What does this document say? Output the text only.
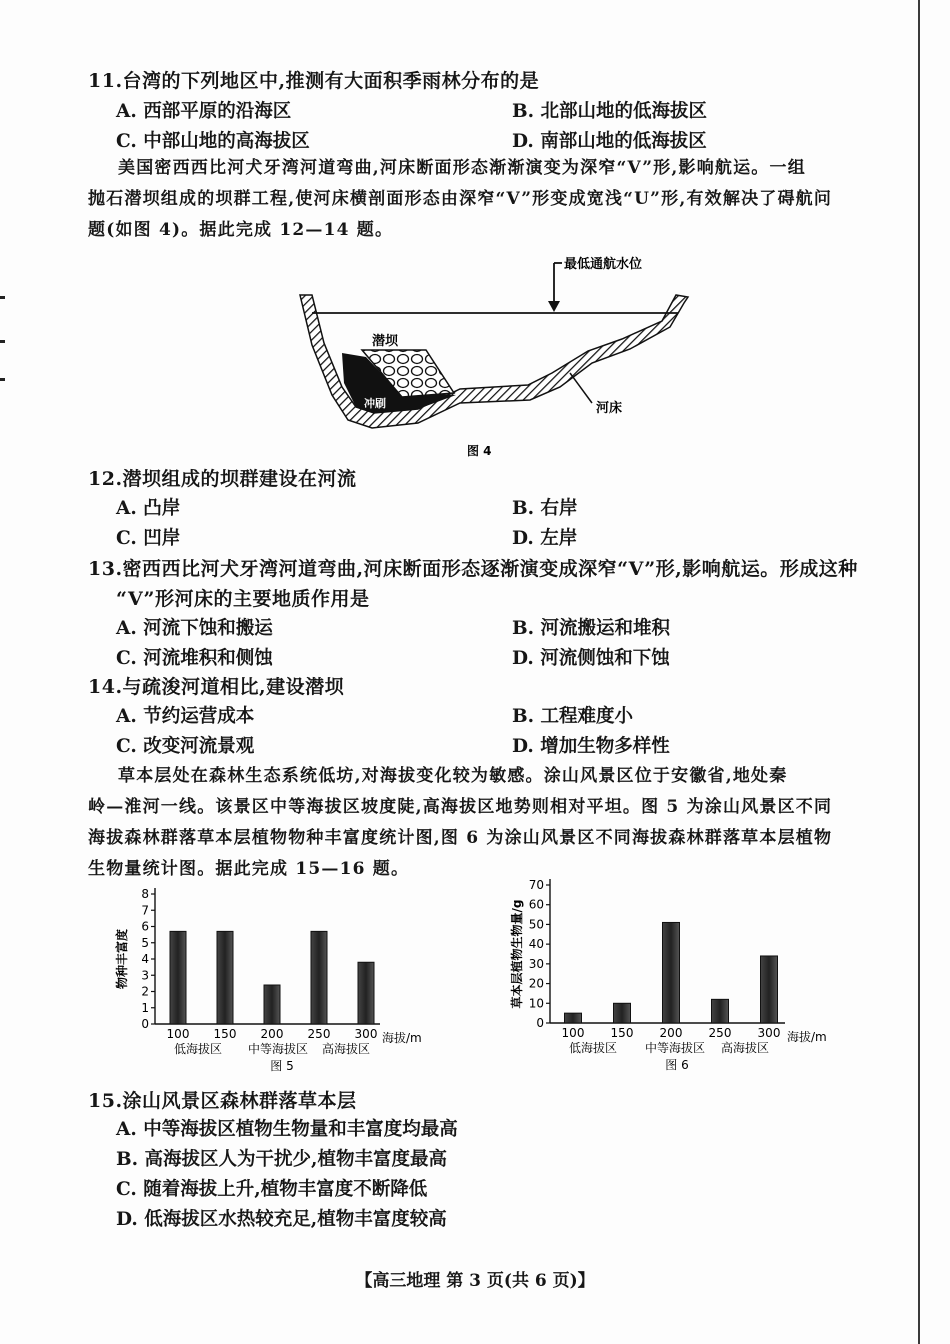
11.台湾的下列地区中,推测有大面积季雨林分布的是
A. 西部平原的沿海区	B. 北部山地的低海拔区
C. 中部山地的高海拔区	D. 南部山地的低海拔区
美国密西西比河犬牙湾河道弯曲,河床断面形态渐渐演变为深窄“V”形,影响航运。一组
抛石潜坝组成的坝群工程,使河床横剖面形态由深窄“V”形变成宽浅“U”形,有效解决了碍航问
题(如图 4)。据此完成 12—14 题。
最低通航水位
潜坝
冲刷	河床
图 4
12.潜坝组成的坝群建设在河流
A. 凸岸	B. 右岸
C. 凹岸	D. 左岸
13.密西西比河犬牙湾河道弯曲,河床断面形态逐渐演变成深窄“V”形,影响航运。形成这种
“V”形河床的主要地质作用是
A. 河流下蚀和搬运	B. 河流搬运和堆积
C. 河流堆积和侧蚀	D. 河流侧蚀和下蚀
14.与疏浚河道相比,建设潜坝
A. 节约运营成本	B. 工程难度小
C. 改变河流景观	D. 增加生物多样性
草本层处在森林生态系统低坊,对海拔变化较为敏感。涂山风景区位于安徽省,地处秦
岭—淮河一线。该景区中等海拔区坡度陡,高海拔区地势则相对平坦。图 5 为涂山风景区不同
海拔森林群落草本层植物物种丰富度统计图,图 6 为涂山风景区不同海拔森林群落草本层植物
生物量统计图。据此完成 15—16 题。
0
1
2
3
4
5
6
7
8
100 150 200 250 300 海拔/m
低海拔区 中等海拔区 高海拔区
物种丰富度
图 5
0
10
20
30
40
50
60
70
100 150 200 250 300 海拔/m
低海拔区 中等海拔区 高海拔区
草本层植物生物量/g
图 6
15.涂山风景区森林群落草本层
A. 中等海拔区植物生物量和丰富度均最高
B. 高海拔区人为干扰少,植物丰富度最高
C. 随着海拔上升,植物丰富度不断降低
D. 低海拔区水热较充足,植物丰富度较高
【高三地理 第 3 页(共 6 页)】
